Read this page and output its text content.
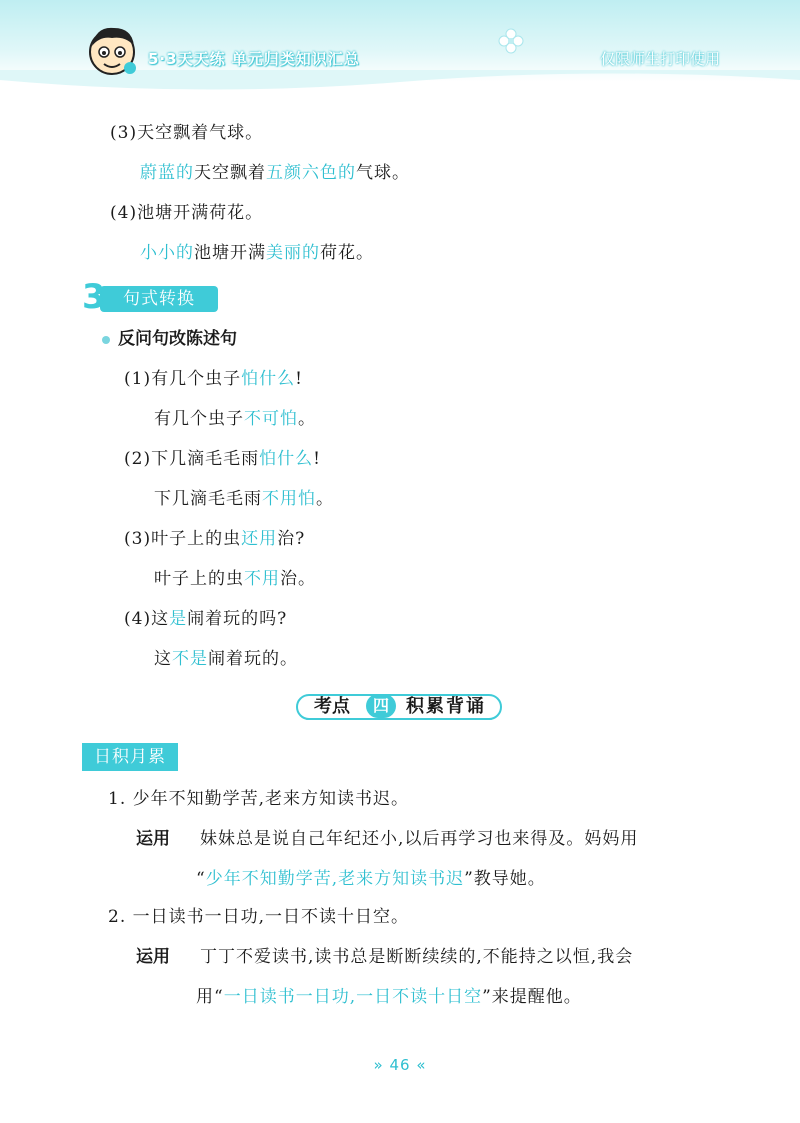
5·3天天练 单元归类知识汇总	仅限师生打印使用
(3)天空飘着气球。
蔚蓝的天空飘着五颜六色的气球。
(4)池塘开满荷花。
小小的池塘开满美丽的荷花。
句式转换
3
反问句改陈述句
(1)有几个虫子怕什么!
有几个虫子不可怕。
(2)下几滴毛毛雨怕什么!
下几滴毛毛雨不用怕。
(3)叶子上的虫还用治?
叶子上的虫不用治。
(4)这是闹着玩的吗?
这不是闹着玩的。
考点	四 积累背诵
日积月累
1. 少年不知勤学苦,老来方知读书迟。
运用 妹妹总是说自己年纪还小,以后再学习也来得及。妈妈用
“少年不知勤学苦,老来方知读书迟”教导她。
2. 一日读书一日功,一日不读十日空。
运用 丁丁不爱读书,读书总是断断续续的,不能持之以恒,我会
用“一日读书一日功,一日不读十日空”来提醒他。
» 46 «
